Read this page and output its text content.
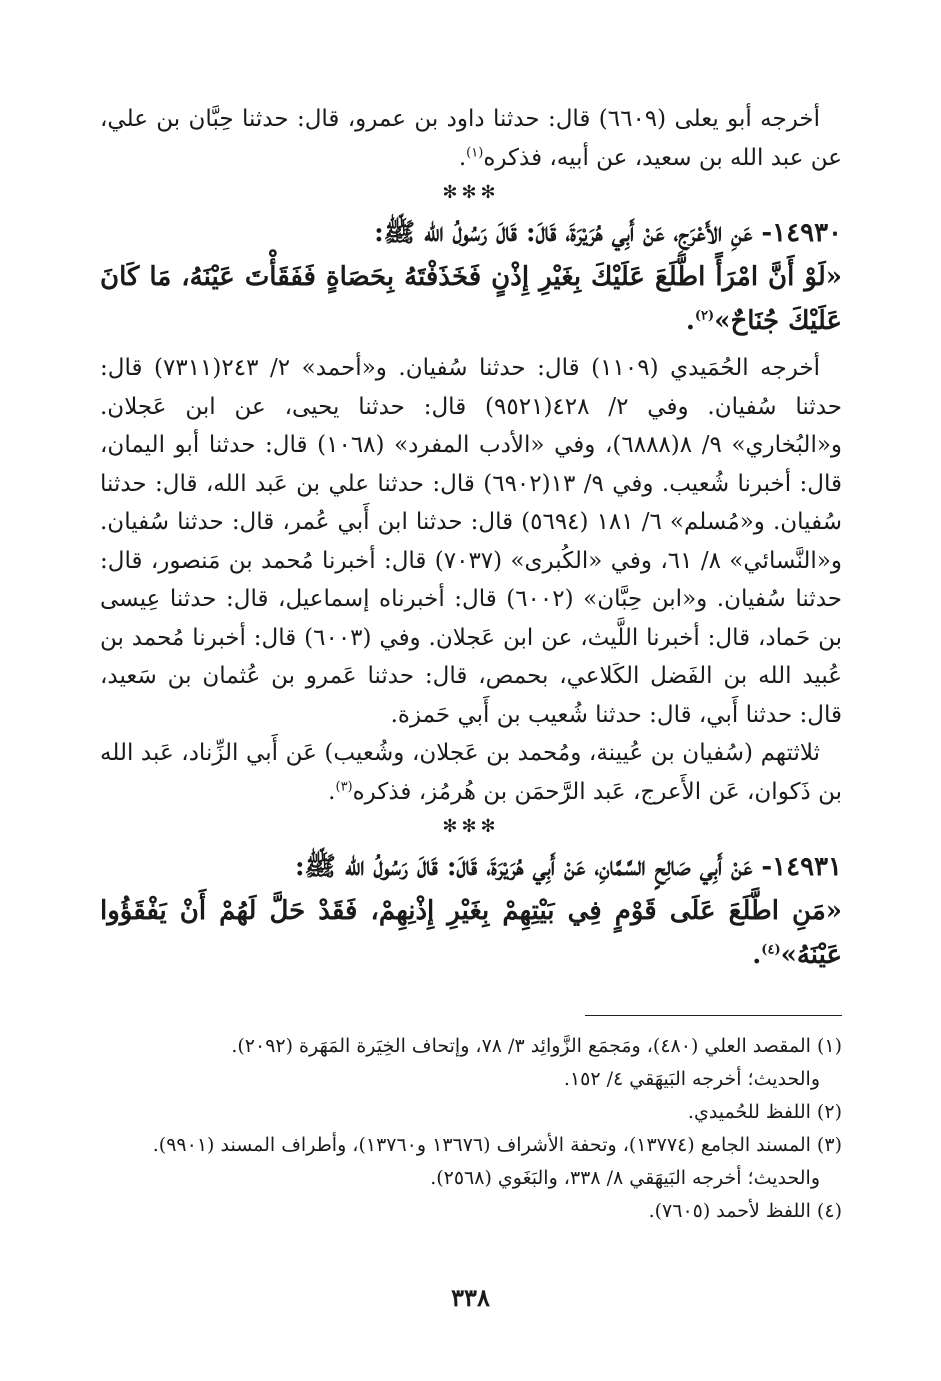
أخرجه أبو يعلى (٦٦٠٩) قال: حدثنا داود بن عمرو، قال: حدثنا حِبَّان بن علي، عن عبد الله بن سعيد، عن أبيه، فذكره$^{(١)}$.

✻✻✻

١٤٩٣٠- عَنِ الأَعْرَجِ، عَنْ أَبِي هُرَيْرَةَ، قَالَ: قَالَ رَسُولُ الله ﷺ:

«لَوْ أَنَّ امْرَأً اطَّلَعَ عَلَيْكَ بِغَيْرِ إِذْنٍ فَخَذَفْتَهُ بِحَصَاةٍ فَفَقَأْتَ عَيْنَهُ، مَا كَانَ عَلَيْكَ جُنَاحٌ»$^{(٢)}$.

أخرجه الحُمَيدي (١١٠٩) قال: حدثنا سُفيان. و«أحمد» ٢/ ٢٤٣(٧٣١١) قال: حدثنا سُفيان. وفي ٢/ ٤٢٨(٩٥٢١) قال: حدثنا يحيى، عن ابن عَجلان. و«البُخاري» ٩/ ٨(٦٨٨٨)، وفي «الأدب المفرد» (١٠٦٨) قال: حدثنا أبو اليمان، قال: أخبرنا شُعيب. وفي ٩/ ١٣(٦٩٠٢) قال: حدثنا علي بن عَبد الله، قال: حدثنا سُفيان. و«مُسلم» ٦/ ١٨١ (٥٦٩٤) قال: حدثنا ابن أَبي عُمر، قال: حدثنا سُفيان. و«النَّسائي» ٨/ ٦١، وفي «الكُبرى» (٧٠٣٧) قال: أخبرنا مُحمد بن مَنصور، قال: حدثنا سُفيان. و«ابن حِبَّان» (٦٠٠٢) قال: أخبرناه إسماعيل، قال: حدثنا عِيسى بن حَماد، قال: أخبرنا اللَّيث، عن ابن عَجلان. وفي (٦٠٠٣) قال: أخبرنا مُحمد بن عُبيد الله بن الفَضل الكَلاعي، بحمص، قال: حدثنا عَمرو بن عُثمان بن سَعيد، قال: حدثنا أَبي، قال: حدثنا شُعيب بن أَبي حَمزة.

ثلاثتهم (سُفيان بن عُيينة، ومُحمد بن عَجلان، وشُعيب) عَن أَبي الزِّناد، عَبد الله بن ذَكوان، عَن الأَعرج، عَبد الرَّحمَن بن هُرمُز، فذكره$^{(٣)}$.

✻✻✻

١٤٩٣١- عَنْ أَبِي صَالِحٍ السَّمَّانِ، عَنْ أَبِي هُرَيْرَةَ، قَالَ: قَالَ رَسُولُ الله ﷺ:

«مَنِ اطَّلَعَ عَلَى قَوْمٍ فِي بَيْتِهِمْ بِغَيْرِ إِذْنِهِمْ، فَقَدْ حَلَّ لَهُمْ أَنْ يَفْقَؤُوا عَيْنَهُ»$^{(٤)}$.

(١) المقصد العلي (٤٨٠)، ومَجمَع الزَّوائِد ٣/ ٧٨، وإتحاف الخِيَرة المَهَرة (٢٠٩٢).

والحديث؛ أخرجه البَيهَقي ٤/ ١٥٢.

(٢) اللفظ للحُميدي.

(٣) المسند الجامع (١٣٧٧٤)، وتحفة الأشراف (١٣٦٧٦ و١٣٧٦٠)، وأطراف المسند (٩٩٠١).

والحديث؛ أخرجه البَيهَقي ٨/ ٣٣٨، والبَغَوي (٢٥٦٨).

(٤) اللفظ لأحمد (٧٦٠٥).

٣٣٨
